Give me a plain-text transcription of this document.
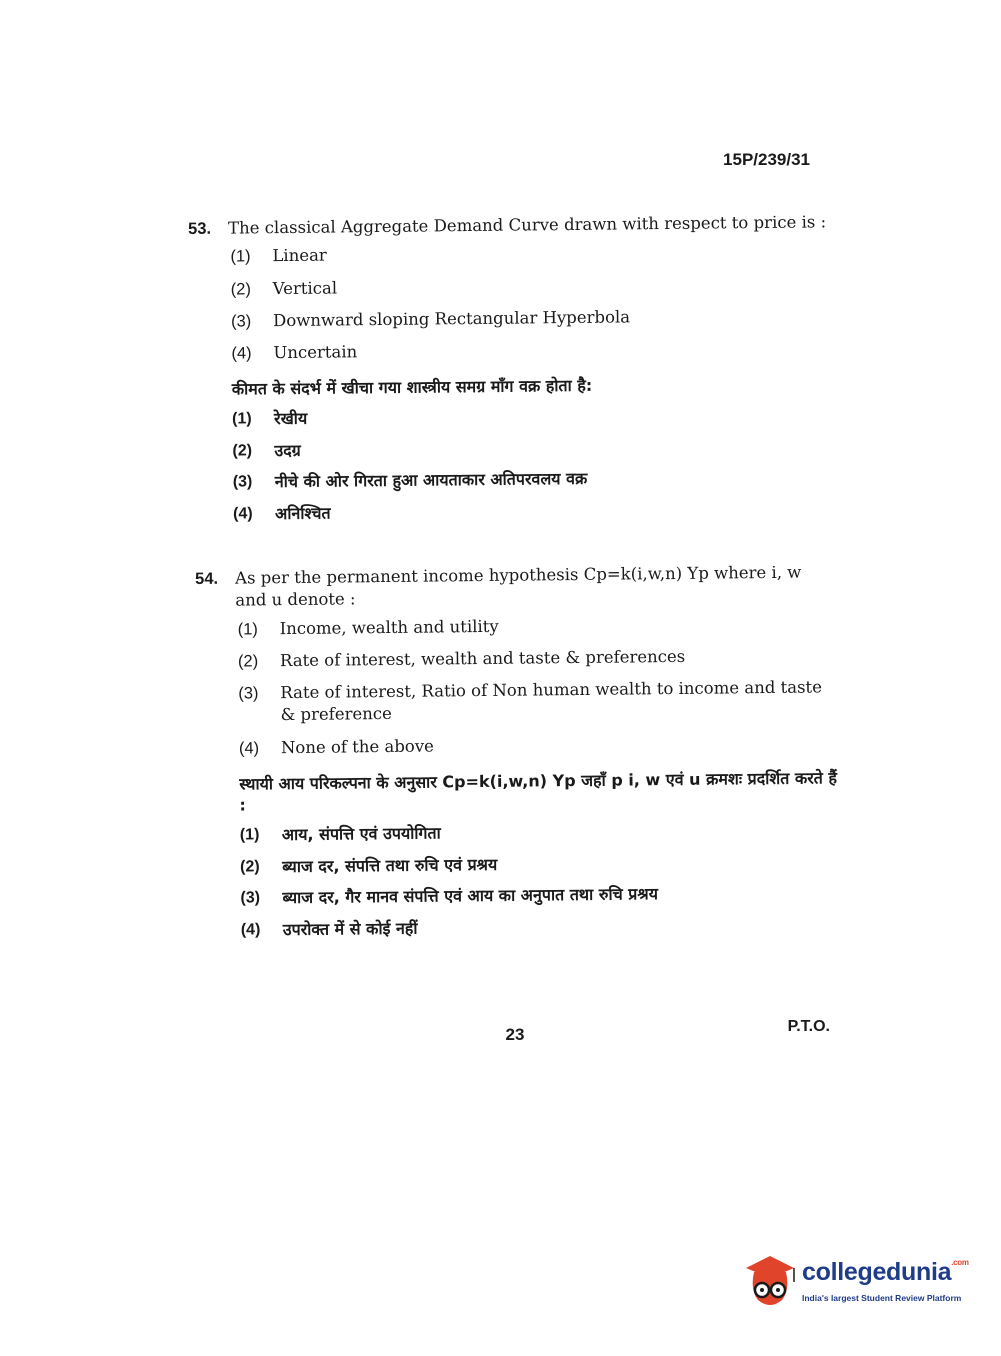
15P/239/31
53.	The classical Aggregate Demand Curve drawn with respect to price is :
(1)	Linear
(2)	Vertical
(3)	Downward sloping Rectangular Hyperbola
(4)	Uncertain
कीमत के संदर्भ में खीचा गया शास्त्रीय समग्र माँग वक्र होता है:
(1)	रेखीय
(2)	उदग्र
(3)	नीचे की ओर गिरता हुआ आयताकार अतिपरवलय वक्र
(4)	अनिश्चित
54.	As per the permanent income hypothesis Cp=k(i,w,n) Yp where i, w and u denote :
(1)	Income, wealth and utility
(2)	Rate of interest, wealth and taste & preferences
(3)	Rate of interest, Ratio of Non human wealth to income and taste & preference
(4)	None of the above
स्थायी आय परिकल्पना के अनुसार Cp=k(i,w,n) Yp जहाँ p i, w एवं u क्रमशः प्रदर्शित करते हैं :
(1)	आय, संपत्ति एवं उपयोगिता
(2)	ब्याज दर, संपत्ति तथा रुचि एवं प्रश्रय
(3)	ब्याज दर, गैर मानव संपत्ति एवं आय का अनुपात तथा रुचि प्रश्रय
(4)	उपरोक्त में से कोई नहीं
23	P.T.O.
collegedunia$^{.com}$
India's largest Student Review Platform
